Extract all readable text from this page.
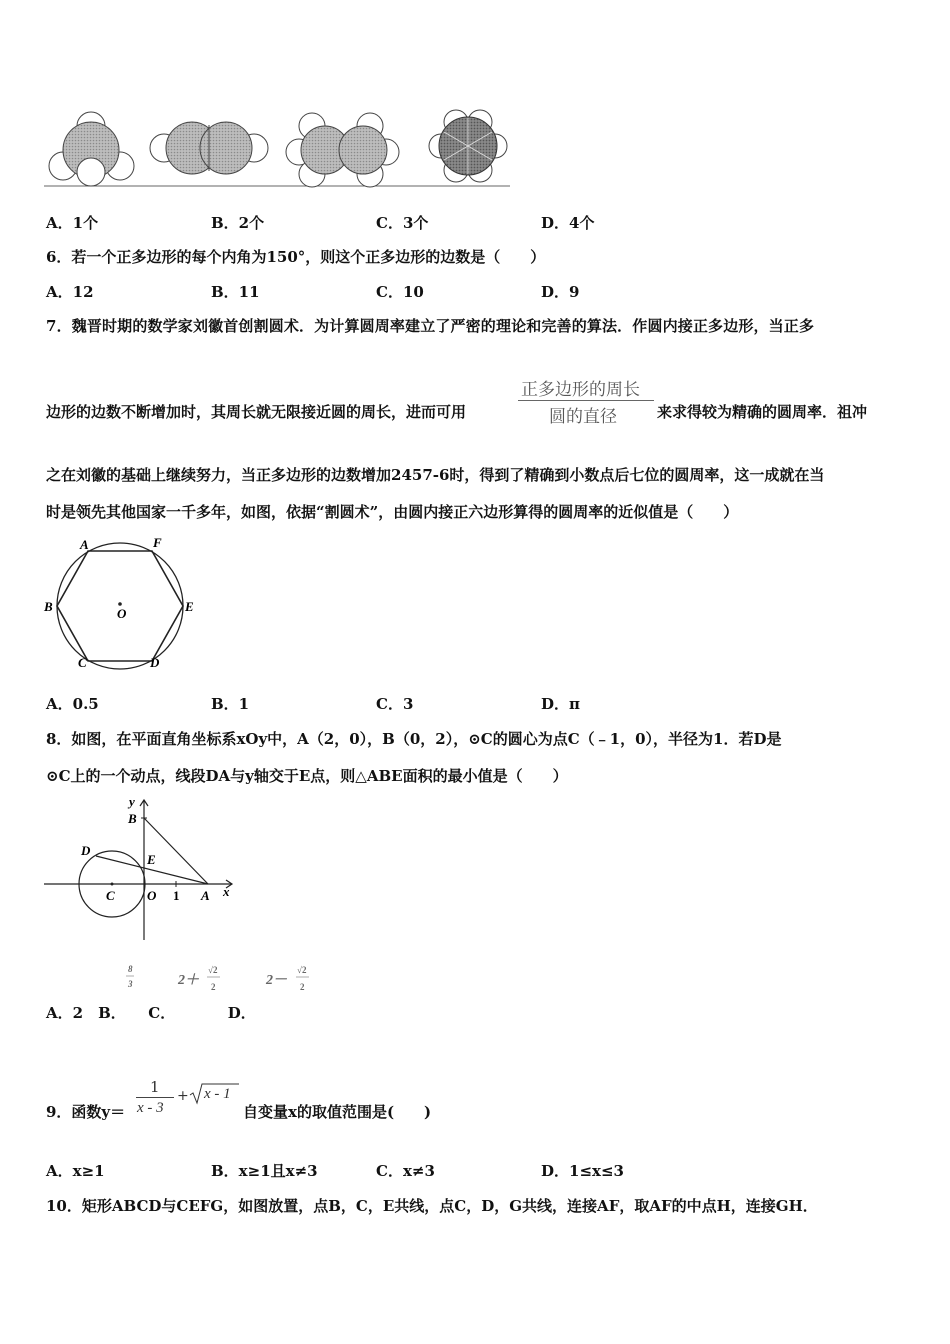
A．1个	B．2个	C．3个	D．4个
6．若一个正多边形的每个内角为150°，则这个正多边形的边数是（　　）
A．12	B．11	C．10	D．9
7．魏晋时期的数学家刘徽首创割圆术．为计算圆周率建立了严密的理论和完善的算法．作圆内接正多边形，当正多
边形的边数不断增加时，其周长就无限接近圆的周长，进而可用
正多边形的周长
圆的直径	来求得较为精确的圆周率．祖冲
之在刘徽的基础上继续努力，当正多边形的边数增加2457-6时，得到了精确到小数点后七位的圆周率，这一成就在当
时是领先其他国家一千多年，如图，依据“割圆术”，由圆内接正六边形算得的圆周率的近似值是（　　）
A	F
B	O	E
C	D
A．0.5	B．1	C．3	D．π
8．如图，在平面直角坐标系xOy中，A（2，0），B（0，2），⊙C的圆心为点C（﹣1，0），半径为1．若D是
⊙C上的一个动点，线段DA与y轴交于E点，则△ABE面积的最小值是（　　）
y
B
D
E
C O 1 A x
8
3	2＋
√2
2	2－
√2
2
A．2　B．　　C．　　　　D．
9．函数y＝
1
x - 3
+ x - 1
自变量x的取值范围是(　　)
A．x≥1	B．x≥1且x≠3	C．x≠3	D．1≤x≤3
10．矩形ABCD与CEFG，如图放置，点B，C，E共线，点C，D，G共线，连接AF，取AF的中点H，连接GH．
